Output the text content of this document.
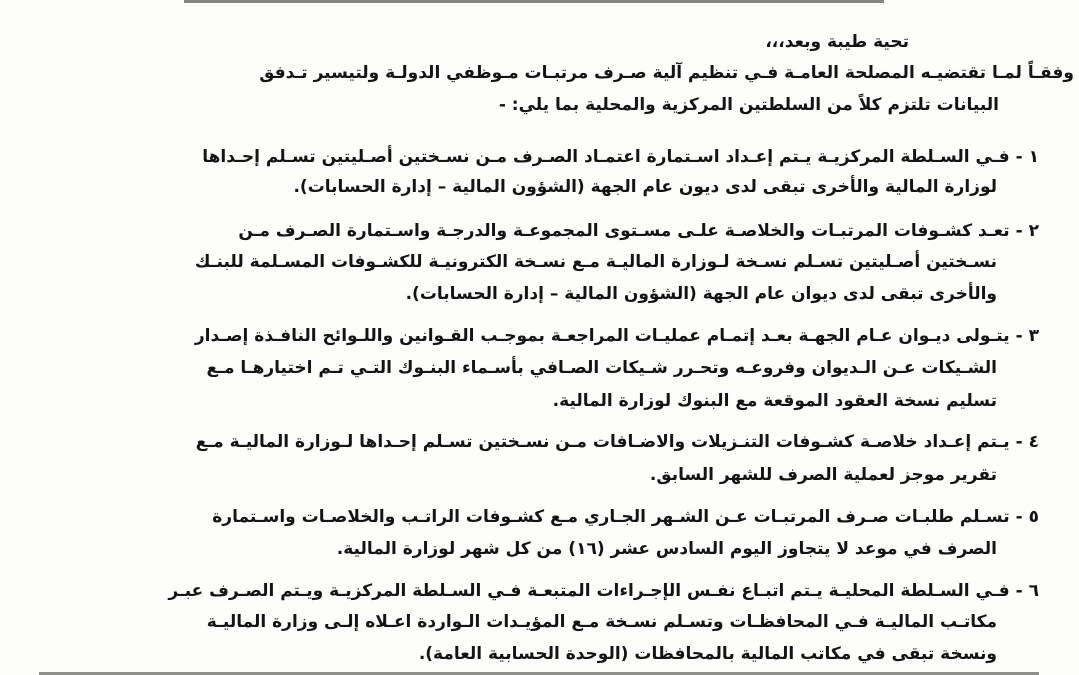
تحية طيبة وبعد،،،
وفقـاً لمـا تقتضيـه المصلحة العامـة فـي تنظيم آلية صـرف مرتبـات مـوظفي الدولـة ولتيسير تـدفق
البيانات تلتزم كلاً من السلطتين المركزية والمحلية بما يلي: -
١ -فـي السـلطة المركزيـة يـتم إعـداد اسـتمارة اعتمـاد الصـرف مـن نسـختين أصـليتين تسـلم إحـداها
لوزارة المالية والأخرى تبقى لدى ديون عام الجهة (الشؤون المالية – إدارة الحسابات).
٢ -تعـد كشـوفات المرتبـات والخلاصـة علـى مسـتوى المجموعـة والدرجـة واسـتمارة الصـرف مـن
نسـختين أصـليتين تسـلم نسـخة لـوزارة الماليـة مـع نسـخة الكترونيـة للكشـوفات المسـلمة للبنـك
والأخرى تبقى لدى ديوان عام الجهة (الشؤون المالية – إدارة الحسابات).
٣ -يتـولى ديـوان عـام الجهـة بعـد إتمـام عمليـات المراجعـة بموجـب القـوانين واللـوائح النافـذة إصـدار
الشـيكات عـن الـديوان وفروعـه وتحـرر شـيكات الصـافي بأسـماء البنـوك التـي تـم اختيارهـا مـع
تسليم نسخة العقود الموقعة مع البنوك لوزارة المالية.
٤ -يـتم إعـداد خلاصـة كشـوفات التنـزيلات والاضـافات مـن نسـختين تسـلم إحـداها لـوزارة الماليـة مـع
تقرير موجز لعملية الصرف للشهر السابق.
٥ -تسـلم طلبـات صـرف المرتبـات عـن الشـهر الجـاري مـع كشـوفات الراتـب والخلاصـات واسـتمارة
الصرف في موعد لا يتجاوز اليوم السادس عشر (١٦) من كل شهر لوزارة المالية.
٦ -فـي السـلطة المحليـة يـتم اتبـاع نفـس الإجـراءات المتبعـة فـي السـلطة المركزيـة ويـتم الصـرف عبـر
مكاتـب الماليـة فـي المحافظـات وتسـلم نسـخة مـع المؤيـدات الـواردة اعـلاه إلـى وزارة الماليـة
ونسخة تبقى في مكاتب المالية بالمحافظات (الوحدة الحسابية العامة).
